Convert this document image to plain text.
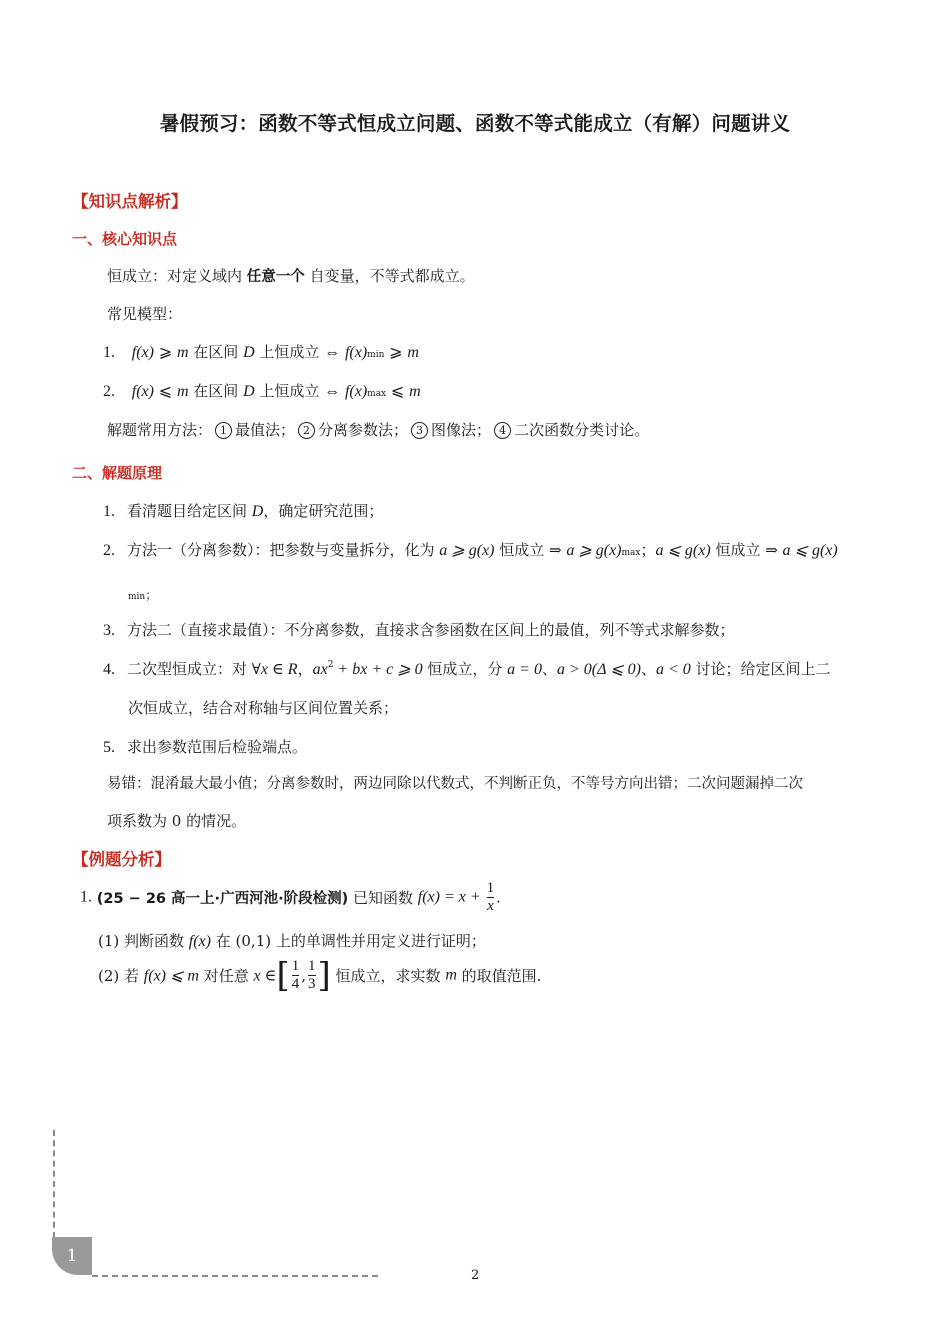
暑假预习：函数不等式恒成立问题、函数不等式能成立（有解）问题讲义
【知识点解析】
一、核心知识点
恒成立：对定义域内 任意一个 自变量，不等式都成立。
常见模型：
1. f(x) ⩾ m 在区间 D 上恒成立 ⇔ f(x)min ⩾ m
2. f(x) ⩽ m 在区间 D 上恒成立 ⇔ f(x)max ⩽ m
解题常用方法： 1 最值法； 2 分离参数法； 3 图像法； 4 二次函数分类讨论。
二、解题原理
1. 看清题目给定区间 D，确定研究范围；
2. 方法一（分离参数）：把参数与变量拆分，化为 a ⩾ g(x) 恒成立 ⇒ a ⩾ g(x)max；a ⩽ g(x) 恒成立 ⇒ a ⩽ g(x)
min；
3. 方法二（直接求最值）：不分离参数，直接求含参函数在区间上的最值，列不等式求解参数；
4. 二次型恒成立：对 ∀x ∈ R，$ax^2$ + bx + c ⩾ 0 恒成立，分 a = 0、a > 0(Δ ⩽ 0)、a < 0 讨论；给定区间上二
次恒成立，结合对称轴与区间位置关系；
5. 求出参数范围后检验端点。
易错：混淆最大最小值；分离参数时，两边同除以代数式，不判断正负，不等号方向出错；二次问题漏掉二次
项系数为 0 的情况。
【例题分析】
1. (25 − 26 高一上·广西河池·阶段检测) 已知函数 $f(x) = x + \frac{1}{x}$ .
(1) 判断函数 f(x) 在 (0,1) 上的单调性并用定义进行证明；
(2) 若 f(x) ⩽ m 对任意 x ∈[ $\frac{1}{4}$ , $\frac{1}{3}$ ] 恒成立，求实数 m 的取值范围.
1
2
